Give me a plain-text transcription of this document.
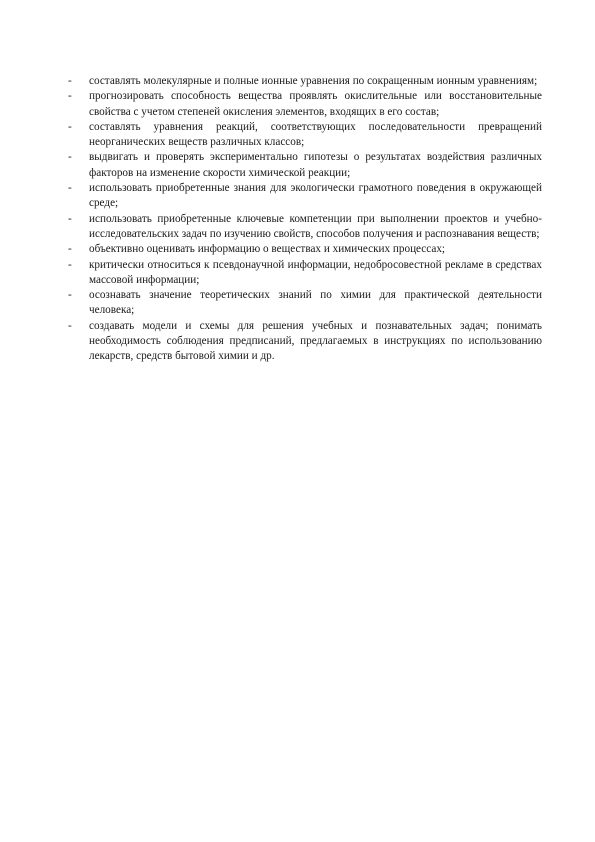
-	составлять молекулярные и полные ионные уравнения по сокращенным ионным уравнениям;
-	прогнозировать способность вещества проявлять окислительные или восстановительные свойства с учетом степеней окисления элементов, входящих в его состав;
-	составлять уравнения реакций, соответствующих последовательности превращений неорганических веществ различных классов;
-	выдвигать и проверять экспериментально гипотезы о результатах воздействия различных факторов на изменение скорости химической реакции;
-	использовать приобретенные знания для экологически грамотного поведения в окружающей среде;
-	использовать приобретенные ключевые компетенции при выполнении проектов и учебно-исследовательских задач по изучению свойств, способов получения и распознавания веществ;
-	объективно оценивать информацию о веществах и химических процессах;
-	критически относиться к псевдонаучной информации, недобросовестной рекламе в средствах массовой информации;
-	осознавать значение теоретических знаний по химии для практической деятельности человека;
-	создавать модели и схемы для решения учебных и познавательных задач; понимать необходимость соблюдения предписаний, предлагаемых в инструкциях по использованию лекарств, средств бытовой химии и др.
